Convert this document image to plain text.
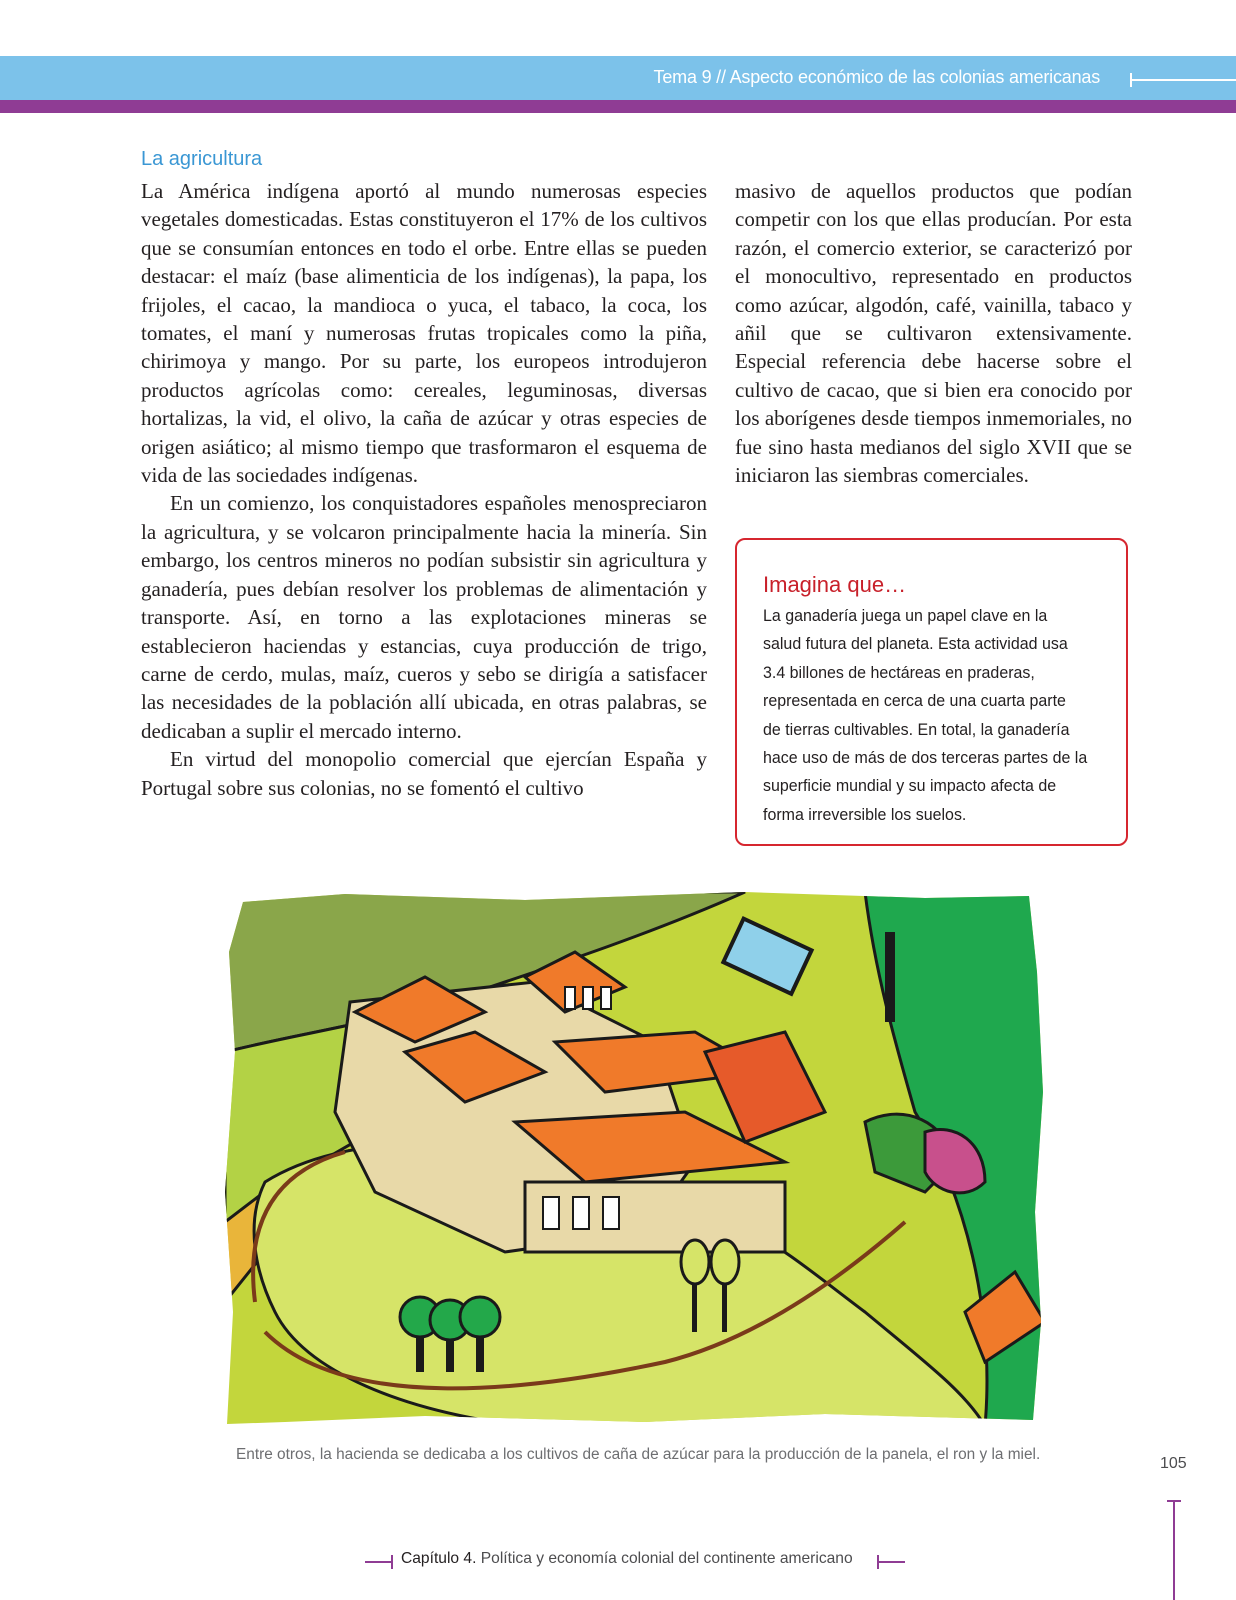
Tema 9 // Aspecto económico de las colonias americanas
La agricultura

La América indígena aportó al mundo numerosas especies vegetales domesticadas. Estas constituyeron el 17% de los cultivos que se consumían entonces en todo el orbe. Entre ellas se pueden destacar: el maíz (base alimenticia de los indígenas), la papa, los frijoles, el cacao, la mandioca o yuca, el tabaco, la coca, los tomates, el maní y numerosas frutas tropicales como la piña, chirimoya y mango. Por su parte, los europeos introdujeron productos agrícolas como: cereales, leguminosas, diversas hortalizas, la vid, el olivo, la caña de azúcar y otras especies de origen asiático; al mismo tiempo que trasformaron el esquema de vida de las sociedades indígenas.

En un comienzo, los conquistadores españoles menospreciaron la agricultura, y se volcaron principalmente hacia la minería. Sin embargo, los centros mineros no podían subsistir sin agricultura y ganadería, pues debían resolver los problemas de alimentación y transporte. Así, en torno a las explotaciones mineras se establecieron haciendas y estancias, cuya producción de trigo, carne de cerdo, mulas, maíz, cueros y sebo se dirigía a satisfacer las necesidades de la población allí ubicada, en otras palabras, se dedicaban a suplir el mercado interno.

En virtud del monopolio comercial que ejercían España y Portugal sobre sus colonias, no se fomentó el cultivo

masivo de aquellos productos que podían competir con los que ellas producían. Por esta razón, el comercio exterior, se caracterizó por el monocultivo, representado en productos como azúcar, algodón, café, vainilla, tabaco y añil que se cultivaron extensivamente. Especial referencia debe hacerse sobre el cultivo de cacao, que si bien era conocido por los aborígenes desde tiempos inmemoriales, no fue sino hasta medianos del siglo XVII que se iniciaron las siembras comerciales.

Imagina que…
La ganadería juega un papel clave en la salud futura del planeta. Esta actividad usa 3.4 billones de hectáreas en praderas, representada en cerca de una cuarta parte de tierras cultivables. En total, la ganadería hace uso de más de dos terceras partes de la superficie mundial y su impacto afecta de forma irreversible los suelos.
Entre otros, la hacienda se dedicaba a los cultivos de caña de azúcar para la producción de la panela, el ron y la miel.
105
Capítulo 4. Política y economía colonial del continente americano
